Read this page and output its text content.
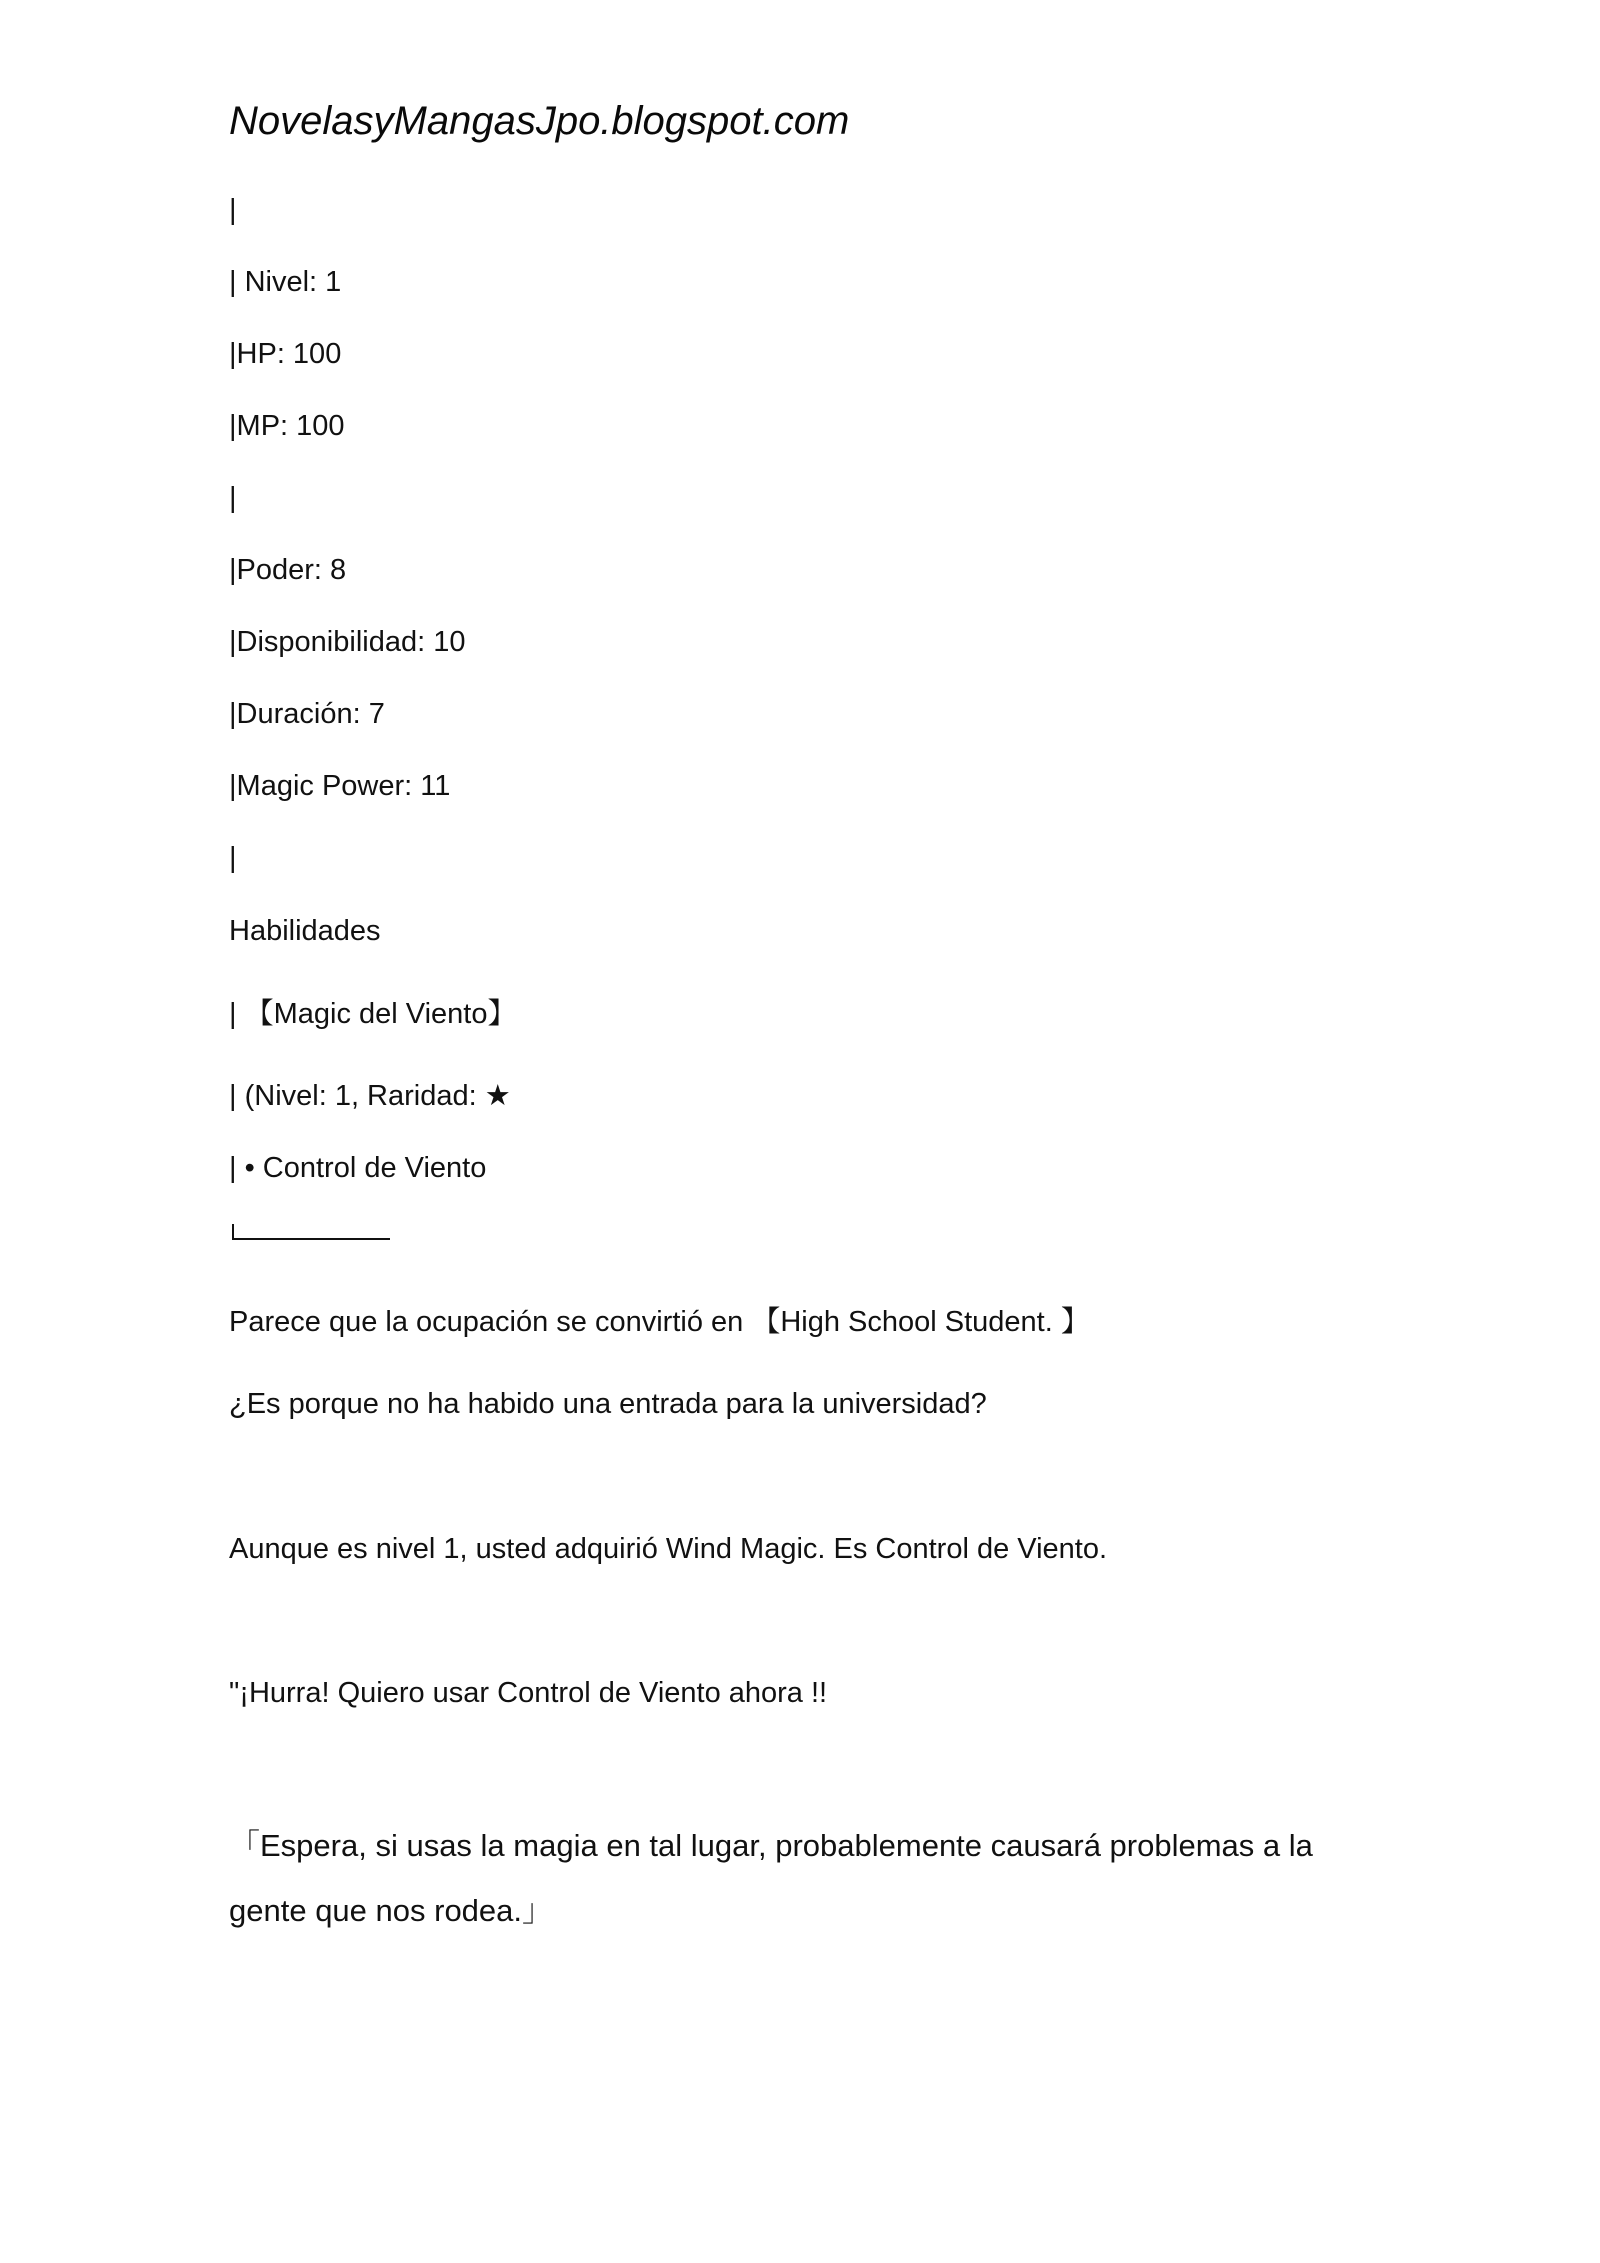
NovelasyMangasJpo.blogspot.com
|
| Nivel: 1
|HP: 100
|MP: 100
|
|Poder: 8
|Disponibilidad: 10
|Duración: 7
|Magic Power: 11
|
Habilidades
| 【Magic del Viento】
| (Nivel: 1, Raridad: ★
| • Control de Viento
Parece que la ocupación se convirtió en 【High School Student. 】
¿Es porque no ha habido una entrada para la universidad?
Aunque es nivel 1, usted adquirió Wind Magic. Es Control de Viento.
"¡Hurra! Quiero usar Control de Viento ahora !!
「Espera, si usas la magia en tal lugar, probablemente causará problemas a la
gente que nos rodea.」
